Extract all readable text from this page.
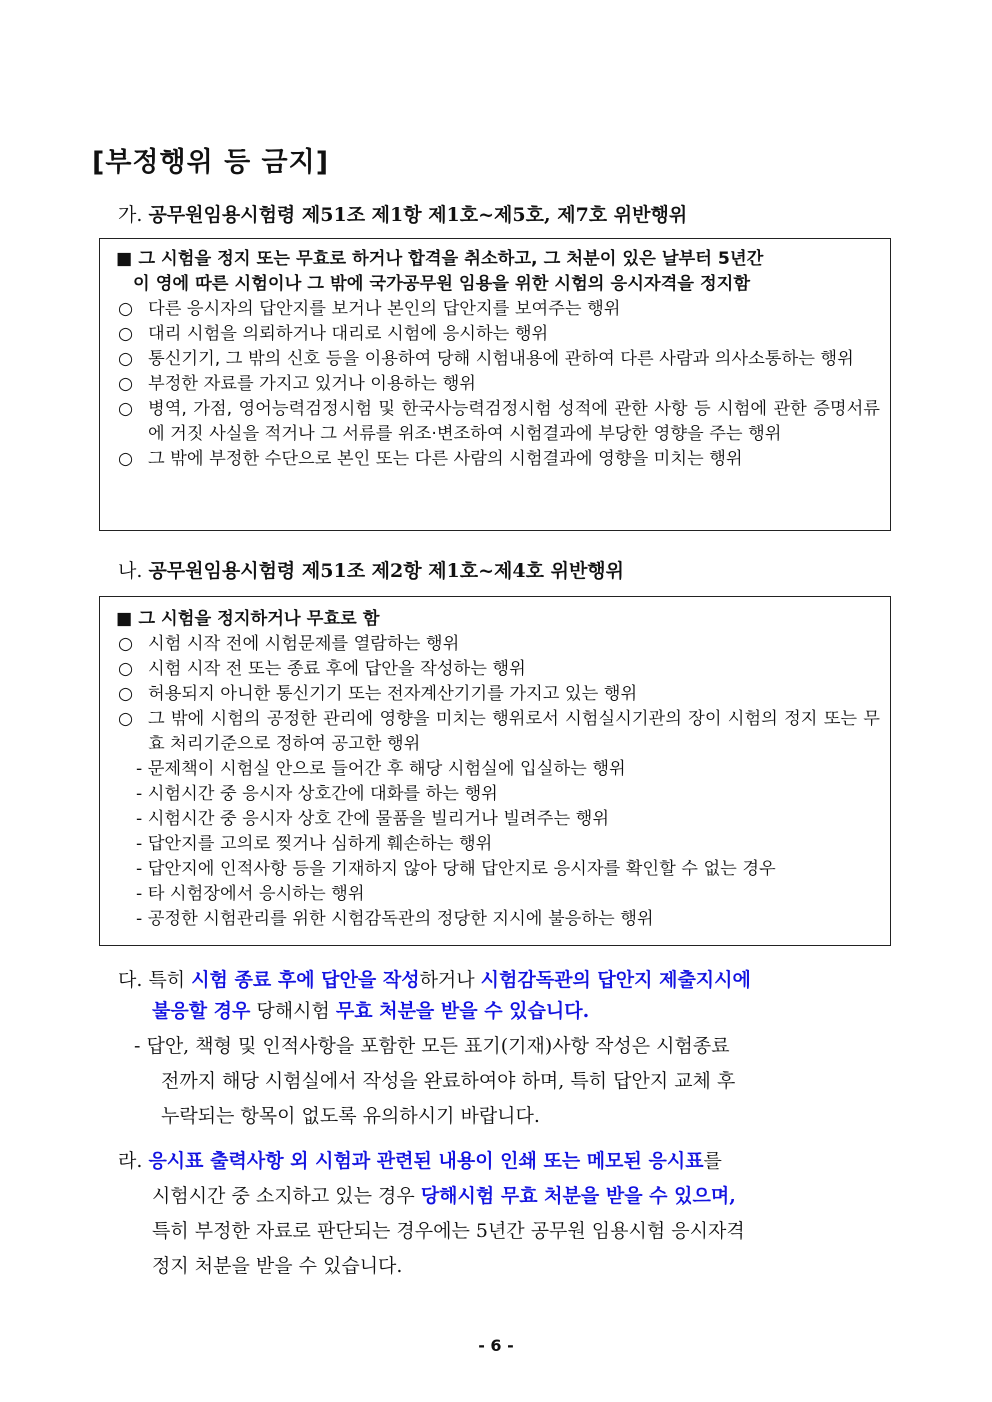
[부정행위 등 금지]
가. 공무원임용시험령 제51조 제1항 제1호~제5호, 제7호 위반행위
■ 그 시험을 정지 또는 무효로 하거나 합격을 취소하고, 그 처분이 있은 날부터 5년간
이 영에 따른 시험이나 그 밖에 국가공무원 임용을 위한 시험의 응시자격을 정지함
○ 다른 응시자의 답안지를 보거나 본인의 답안지를 보여주는 행위
○ 대리 시험을 의뢰하거나 대리로 시험에 응시하는 행위
○ 통신기기, 그 밖의 신호 등을 이용하여 당해 시험내용에 관하여 다른 사람과 의사소통하는 행위
○ 부정한 자료를 가지고 있거나 이용하는 행위
○ 병역, 가점, 영어능력검정시험 및 한국사능력검정시험 성적에 관한 사항 등 시험에 관한 증명서류에 거짓 사실을 적거나 그 서류를 위조·변조하여 시험결과에 부당한 영향을 주는 행위
○ 그 밖에 부정한 수단으로 본인 또는 다른 사람의 시험결과에 영향을 미치는 행위
나. 공무원임용시험령 제51조 제2항 제1호~제4호 위반행위
■ 그 시험을 정지하거나 무효로 함
○ 시험 시작 전에 시험문제를 열람하는 행위
○ 시험 시작 전 또는 종료 후에 답안을 작성하는 행위
○ 허용되지 아니한 통신기기 또는 전자계산기기를 가지고 있는 행위
○ 그 밖에 시험의 공정한 관리에 영향을 미치는 행위로서 시험실시기관의 장이 시험의 정지 또는 무효 처리기준으로 정하여 공고한 행위
- 문제책이 시험실 안으로 들어간 후 해당 시험실에 입실하는 행위
- 시험시간 중 응시자 상호간에 대화를 하는 행위
- 시험시간 중 응시자 상호 간에 물품을 빌리거나 빌려주는 행위
- 답안지를 고의로 찢거나 심하게 훼손하는 행위
- 답안지에 인적사항 등을 기재하지 않아 당해 답안지로 응시자를 확인할 수 없는 경우
- 타 시험장에서 응시하는 행위
- 공정한 시험관리를 위한 시험감독관의 정당한 지시에 불응하는 행위
다. 특히 시험 종료 후에 답안을 작성하거나 시험감독관의 답안지 제출지시에
불응할 경우 당해시험 무효 처분을 받을 수 있습니다.
- 답안, 책형 및 인적사항을 포함한 모든 표기(기재)사항 작성은 시험종료
전까지 해당 시험실에서 작성을 완료하여야 하며, 특히 답안지 교체 후
누락되는 항목이 없도록 유의하시기 바랍니다.
라. 응시표 출력사항 외 시험과 관련된 내용이 인쇄 또는 메모된 응시표를
시험시간 중 소지하고 있는 경우 당해시험 무효 처분을 받을 수 있으며,
특히 부정한 자료로 판단되는 경우에는 5년간 공무원 임용시험 응시자격
정지 처분을 받을 수 있습니다.
- 6 -
